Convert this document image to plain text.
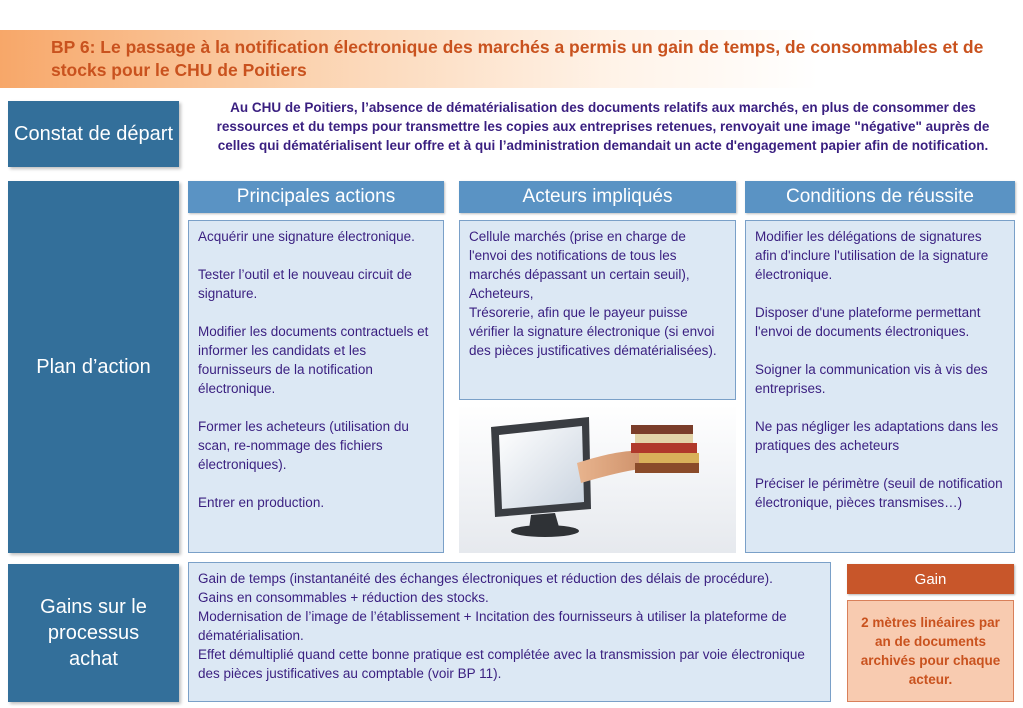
BP 6: Le passage à la notification électronique des marchés a permis un gain de temps, de consommables et de stocks pour le CHU de Poitiers
Constat de départ
Plan d’action
Gains sur le processus achat
Au CHU de Poitiers, l’absence de dématérialisation des documents relatifs aux marchés, en plus de consommer des ressources et du temps pour transmettre les copies aux entreprises retenues, renvoyait une image "négative" auprès de celles qui dématérialisent leur offre et à qui l’administration demandait un acte d'engagement papier afin de notification.
Principales actions	Acteurs impliqués	Conditions de réussite

Acquérir une signature électronique.

Tester l’outil et le nouveau circuit de signature.

Modifier les documents contractuels et informer les candidats et les fournisseurs de la notification électronique.

Former les acheteurs (utilisation du scan, re-nommage des fichiers électroniques).

Entrer en production.

Cellule marchés (prise en charge de l'envoi des notifications de tous les marchés dépassant un certain seuil),

Acheteurs,

Trésorerie, afin que le payeur puisse vérifier la signature électronique (si envoi des pièces justificatives dématérialisées).

Modifier les délégations de signatures afin d'inclure l'utilisation de la signature électronique.

Disposer d'une plateforme permettant l'envoi de documents électroniques.

Soigner la communication vis à vis des entreprises.

Ne pas négliger les adaptations dans les pratiques des acheteurs

Préciser le périmètre (seuil de notification électronique, pièces transmises…)

Gain de temps (instantanéité des échanges électroniques et réduction des délais de procédure).

Gains en consommables + réduction des stocks.

Modernisation de l’image de l’établissement + Incitation des fournisseurs à utiliser la plateforme de dématérialisation.

Effet démultiplié quand cette bonne pratique est complétée avec la transmission par voie électronique des pièces justificatives au comptable (voir BP 11).

Gain
2 mètres linéaires par an de documents archivés pour chaque acteur.
